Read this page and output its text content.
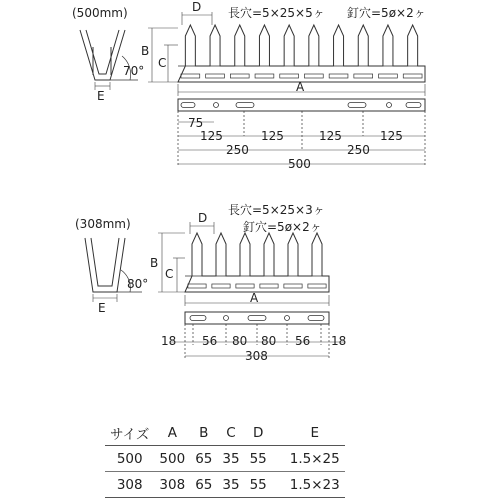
(500mm)
70°
E
B
C
D 長穴=5×25×5ヶ 釘穴=5ø×2ヶ
A
75
125	125	125	125
250	250
500
(308mm)
80°
E
B
C
D
長穴=5×25×3ヶ
釘穴=5ø×2ヶ
A
18 56 80 80 56 18
308
サイズ	A	B	C	D	E
500	500	65	35	55	1.5×25
308	308	65	35	55	1.5×23
